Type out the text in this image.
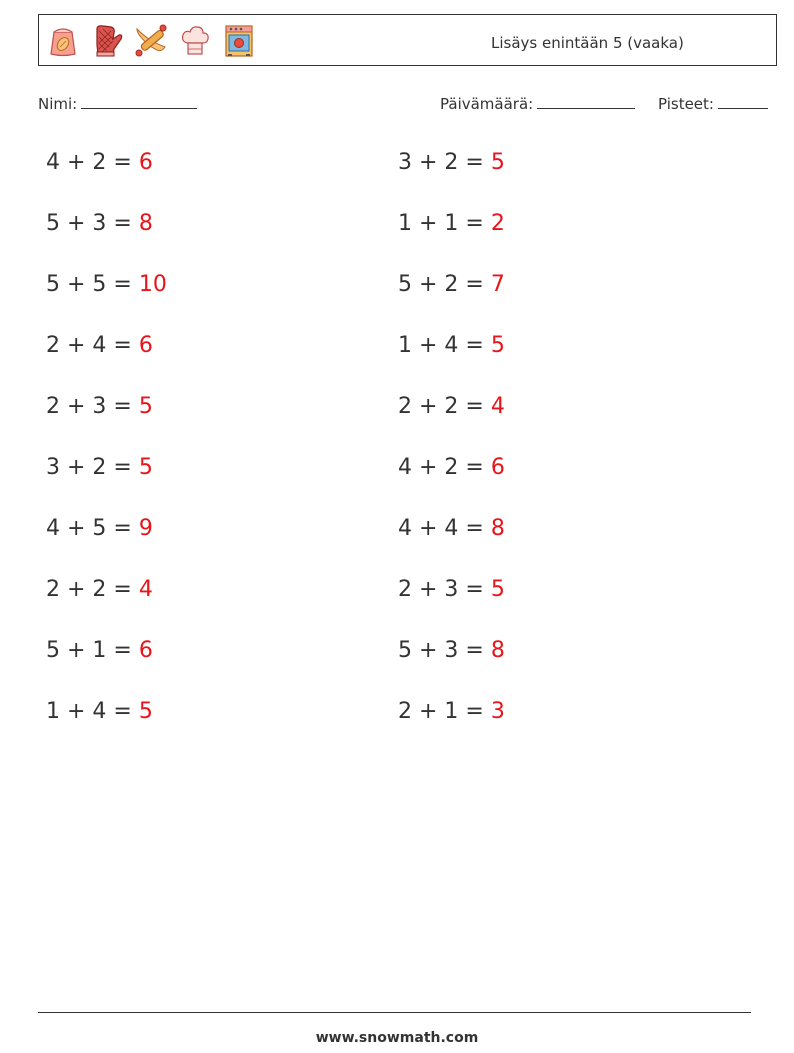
Lisäys enintään 5 (vaaka)
Nimi:	Päivämäärä:	Pisteet:
4 + 2 = 6
5 + 3 = 8
5 + 5 = 10
2 + 4 = 6
2 + 3 = 5
3 + 2 = 5
4 + 5 = 9
2 + 2 = 4
5 + 1 = 6
1 + 4 = 5
3 + 2 = 5
1 + 1 = 2
5 + 2 = 7
1 + 4 = 5
2 + 2 = 4
4 + 2 = 6
4 + 4 = 8
2 + 3 = 5
5 + 3 = 8
2 + 1 = 3
www.snowmath.com
